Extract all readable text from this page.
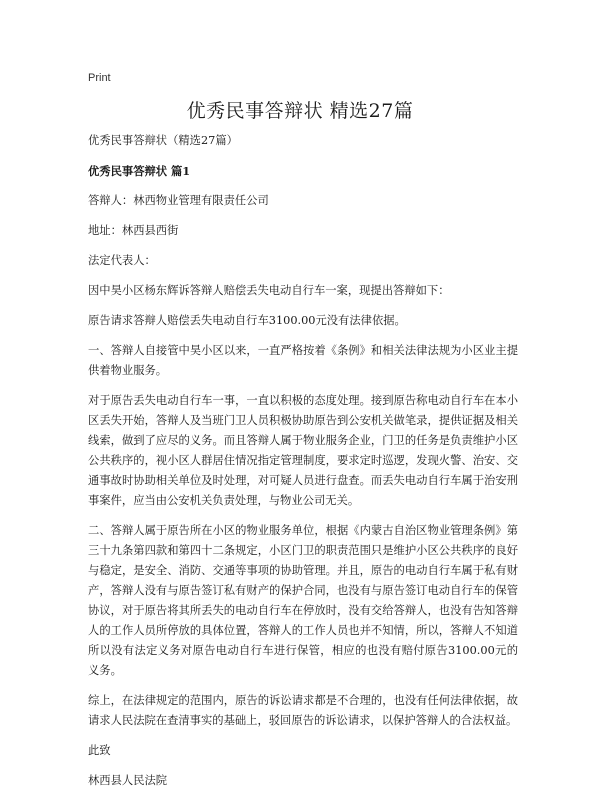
Print
优秀民事答辩状 精选27篇

优秀民事答辩状（精选27篇）

优秀民事答辩状 篇1

答辩人：林西物业管理有限责任公司

地址：林西县西街

法定代表人：

因中昊小区杨东辉诉答辩人赔偿丢失电动自行车一案，现提出答辩如下：

原告请求答辩人赔偿丢失电动自行车3100.00元没有法律依据。

一、答辩人自接管中昊小区以来，一直严格按着《条例》和相关法律法规为小区业主提供着物业服务。

对于原告丢失电动自行车一事，一直以积极的态度处理。接到原告称电动自行车在本小区丢失开始，答辩人及当班门卫人员积极协助原告到公安机关做笔录，提供证据及相关线索，做到了应尽的义务。而且答辩人属于物业服务企业，门卫的任务是负责维护小区公共秩序的，视小区人群居住情况指定管理制度，要求定时巡逻，发现火警、治安、交通事故时协助相关单位及时处理，对可疑人员进行盘查。而丢失电动自行车属于治安刑事案件，应当由公安机关负责处理，与物业公司无关。

二、答辩人属于原告所在小区的物业服务单位，根据《内蒙古自治区物业管理条例》第三十九条第四款和第四十二条规定，小区门卫的职责范围只是维护小区公共秩序的良好与稳定，是安全、消防、交通等事项的协助管理。并且，原告的电动自行车属于私有财产，答辩人没有与原告签订私有财产的保护合同，也没有与原告签订电动自行车的保管协议，对于原告将其所丢失的电动自行车在停放时，没有交给答辩人，也没有告知答辩人的工作人员所停放的具体位置，答辩人的工作人员也并不知情，所以，答辩人不知道所以没有法定义务对原告电动自行车进行保管，相应的也没有赔付原告3100.00元的义务。

综上，在法律规定的范围内，原告的诉讼请求都是不合理的，也没有任何法律依据，故请求人民法院在查清事实的基础上，驳回原告的诉讼请求，以保护答辩人的合法权益。

此致

林西县人民法院
